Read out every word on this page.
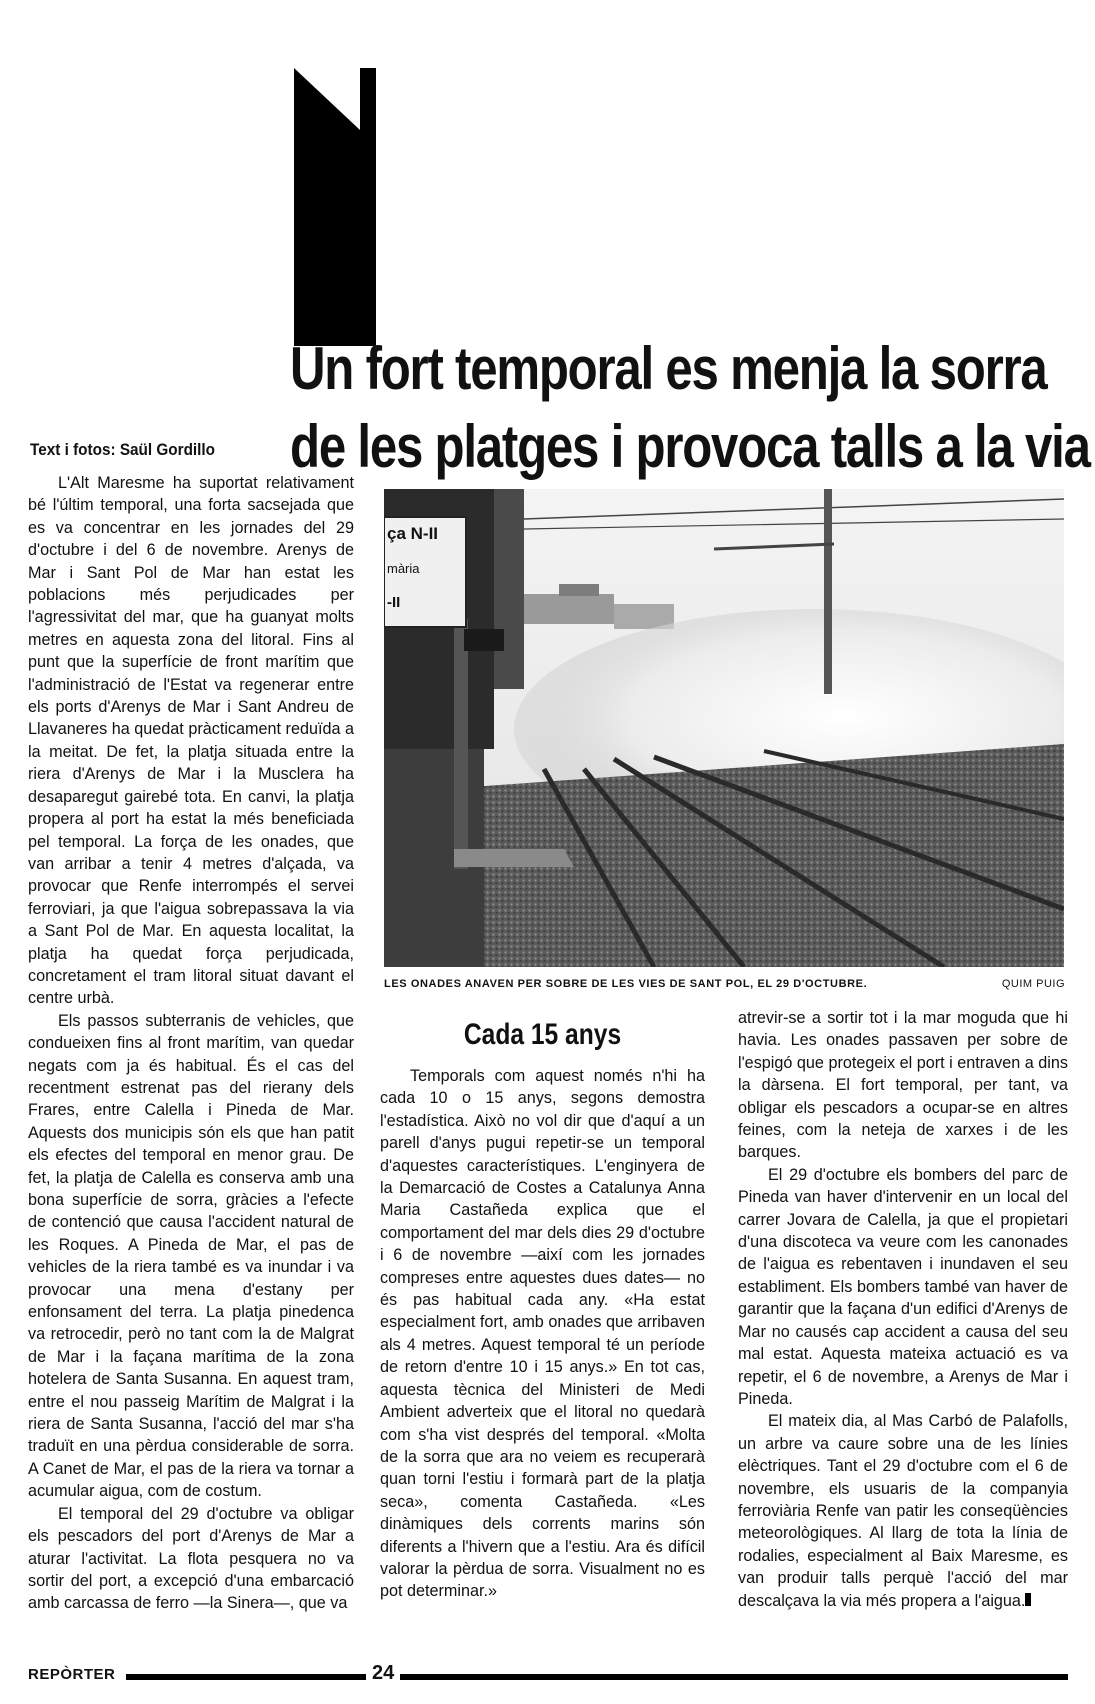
Un fort temporal es menja la sorra
de les platges i provoca talls a la via
Text i fotos: Saül Gordillo

L'Alt Maresme ha suportat relativament bé l'últim temporal, una forta sacsejada que es va concentrar en les jornades del 29 d'octubre i del 6 de novembre. Arenys de Mar i Sant Pol de Mar han estat les poblacions més perjudicades per l'agressivitat del mar, que ha guanyat molts metres en aquesta zona del litoral. Fins al punt que la superfície de front marítim que l'administració de l'Estat va regenerar entre els ports d'Arenys de Mar i Sant Andreu de Llavaneres ha quedat pràcticament reduïda a la meitat. De fet, la platja situada entre la riera d'Arenys de Mar i la Musclera ha desaparegut gairebé tota. En canvi, la platja propera al port ha estat la més beneficiada pel temporal. La força de les onades, que van arribar a tenir 4 metres d'alçada, va provocar que Renfe interrompés el servei ferroviari, ja que l'aigua sobrepassava la via a Sant Pol de Mar. En aquesta localitat, la platja ha quedat força perjudicada, concretament el tram litoral situat davant el centre urbà.

Els passos subterranis de vehicles, que condueixen fins al front marítim, van quedar negats com ja és habitual. És el cas del recentment estrenat pas del rierany dels Frares, entre Calella i Pineda de Mar. Aquests dos municipis són els que han patit els efectes del temporal en menor grau. De fet, la platja de Calella es conserva amb una bona superfície de sorra, gràcies a l'efecte de contenció que causa l'accident natural de les Roques. A Pineda de Mar, el pas de vehicles de la riera també es va inundar i va provocar una mena d'estany per enfonsament del terra. La platja pinedenca va retrocedir, però no tant com la de Malgrat de Mar i la façana marítima de la zona hotelera de Santa Susanna. En aquest tram, entre el nou passeig Marítim de Malgrat i la riera de Santa Susanna, l'acció del mar s'ha traduït en una pèrdua considerable de sorra. A Canet de Mar, el pas de la riera va tornar a acumular aigua, com de costum.

El temporal del 29 d'octubre va obligar els pescadors del port d'Arenys de Mar a aturar l'activitat. La flota pesquera no va sortir del port, a excepció d'una embarcació amb carcassa de ferro —la Sinera—, que va

ça N-II
mària
-II
LES ONADES ANAVEN PER SOBRE DE LES VIES DE SANT POL, EL 29 D'OCTUBRE.	QUIM PUIG
Cada 15 anys

Temporals com aquest només n'hi ha cada 10 o 15 anys, segons demostra l'estadística. Això no vol dir que d'aquí a un parell d'anys pugui repetir-se un temporal d'aquestes característiques. L'enginyera de la Demarcació de Costes a Catalunya Anna Maria Castañeda explica que el comportament del mar dels dies 29 d'octubre i 6 de novembre —així com les jornades compreses entre aquestes dues dates— no és pas habitual cada any. «Ha estat especialment fort, amb onades que arribaven als 4 metres. Aquest temporal té un període de retorn d'entre 10 i 15 anys.» En tot cas, aquesta tècnica del Ministeri de Medi Ambient adverteix que el litoral no quedarà com s'ha vist després del temporal. «Molta de la sorra que ara no veiem es recuperarà quan torni l'estiu i formarà part de la platja seca», comenta Castañeda. «Les dinàmiques dels corrents marins són diferents a l'hivern que a l'estiu. Ara és difícil valorar la pèrdua de sorra. Visualment no es pot determinar.»

atrevir-se a sortir tot i la mar moguda que hi havia. Les onades passaven per sobre de l'espigó que protegeix el port i entraven a dins la dàrsena. El fort temporal, per tant, va obligar els pescadors a ocupar-se en altres feines, com la neteja de xarxes i de les barques.

El 29 d'octubre els bombers del parc de Pineda van haver d'intervenir en un local del carrer Jovara de Calella, ja que el propietari d'una discoteca va veure com les canonades de l'aigua es rebentaven i inundaven el seu establiment. Els bombers també van haver de garantir que la façana d'un edifici d'Arenys de Mar no causés cap accident a causa del seu mal estat. Aquesta mateixa actuació es va repetir, el 6 de novembre, a Arenys de Mar i Pineda.

El mateix dia, al Mas Carbó de Palafolls, un arbre va caure sobre una de les línies elèctriques. Tant el 29 d'octubre com el 6 de novembre, els usuaris de la companyia ferroviària Renfe van patir les conseqüències meteorològiques. Al llarg de tota la línia de rodalies, especialment al Baix Maresme, es van produir talls perquè l'acció del mar descalçava la via més propera a l'aigua.

REPÒRTER	24
